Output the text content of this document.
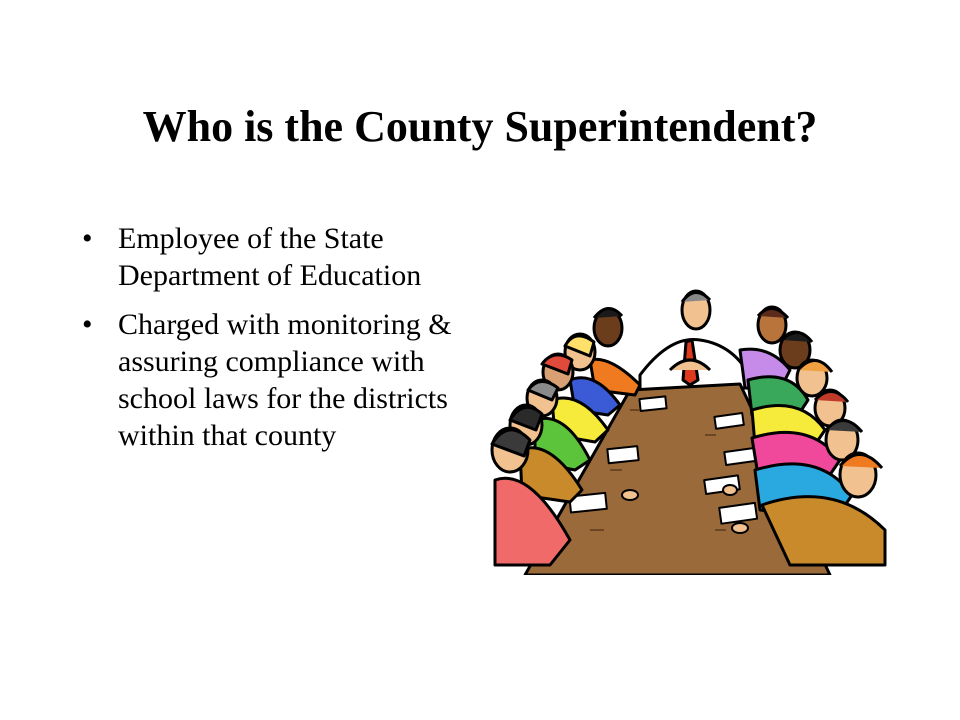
Who is the County Superintendent?
• Employee of the State Department of Education
• Charged with monitoring & assuring compliance with school laws for the districts within that county
